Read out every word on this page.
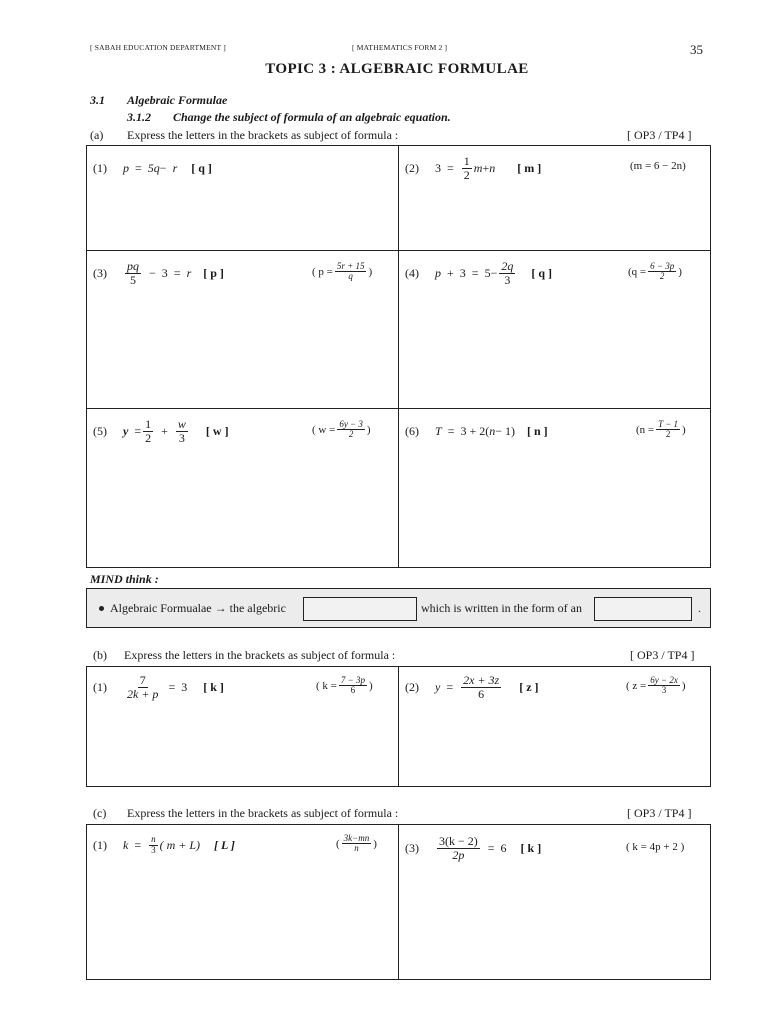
[ SABAH EDUCATION DEPARTMENT ]	[ MATHEMATICS FORM 2 ]	35
TOPIC 3 : ALGEBRAIC FORMULAE
3.1 Algebraic Formulae
3.1.2 Change the subject of formula of an algebraic equation.
(a) Express the letters in the brackets as subject of formula :	[ OP3 / TP4 ]
(1)	p = 5q − r [ q ]	(2)	$3 = \frac{1}{2}$ m + n [ m ]	(m = 6 − 2n)
(3)	$\frac{pq}{5} - 3 = r$ [ p ]	( $p = \frac{5r + 15}{q}$ )	(4)	$p + 3 = 5 - \frac{2q}{3}$ [ q ]	($q = \frac{6 - 3p}{2}$ )
(5)	$y = \frac{1}{2} + \frac{w}{3}$ [ w ]	( $w = \frac{6y - 3}{2}$ )	(6)	T = 3 + 2( n − 1) [ n ]	($n = \frac{T - 1}{2}$ )
MIND think :
Algebraic Formualae → the algebric	which is written in the form of an	.
(b) Express the letters in the brackets as subject of formula :	[ OP3 / TP4 ]
(1)	$\frac{7}{2k + p} = 3$ [ k ]	( $k = \frac{7 - 3p}{6}$ )	(2)	$y = \frac{2x + 3z}{6}$ [ z ]	( $z = \frac{6y - 2x}{3}$ )
(c) Express the letters in the brackets as subject of formula :	[ OP3 / TP4 ]
(1)	$k = \frac{n}{3}$ ( m + L) [ L ]	( $\frac{3k-mn}{n}$ ) (3)	$\frac{3(k - 2)}{2p} = 6$ [ k ]	( k = 4p + 2 )
